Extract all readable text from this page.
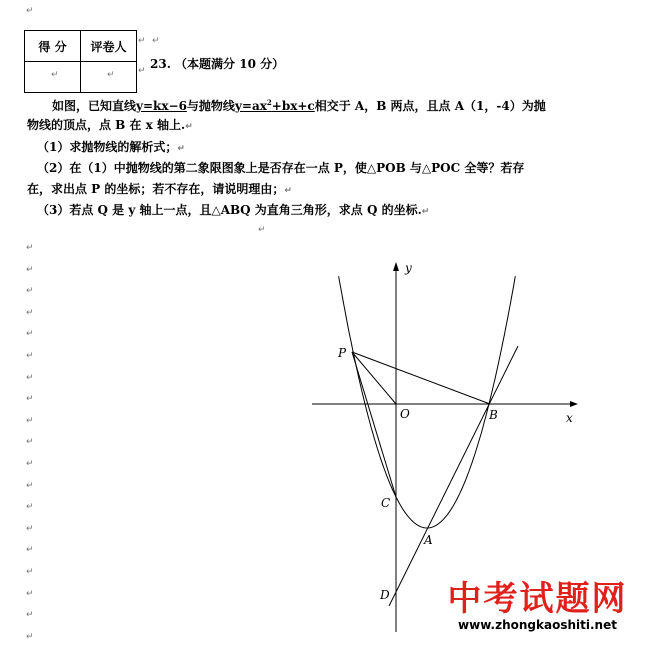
↵
↵ ↵
↵
↵
得 分	评卷人

↵	↵
23. （本题满分 10 分）
如图，已知直线y=kx−6与抛物线$y=ax^2+bx+c$相交于 A，B 两点，且点 A（1，-4）为抛
物线的顶点，点 B 在 x 轴上.↵
（1）求抛物线的解析式；↵
（2）在（1）中抛物线的第二象限图象上是否存在一点 P，使△POB 与△POC 全等？若存
在，求出点 P 的坐标；若不存在，请说明理由；↵
（3）若点 Q 是 y 轴上一点，且△ABQ 为直角三角形，求点 Q 的坐标.↵
↵
↵
↵
↵
↵
↵
↵
↵
↵
↵
↵
↵
↵
↵
↵
↵
↵
↵
↵
y
x
O
P
B
C
A
D	中考试题网
www.zhongkaoshiti.net
